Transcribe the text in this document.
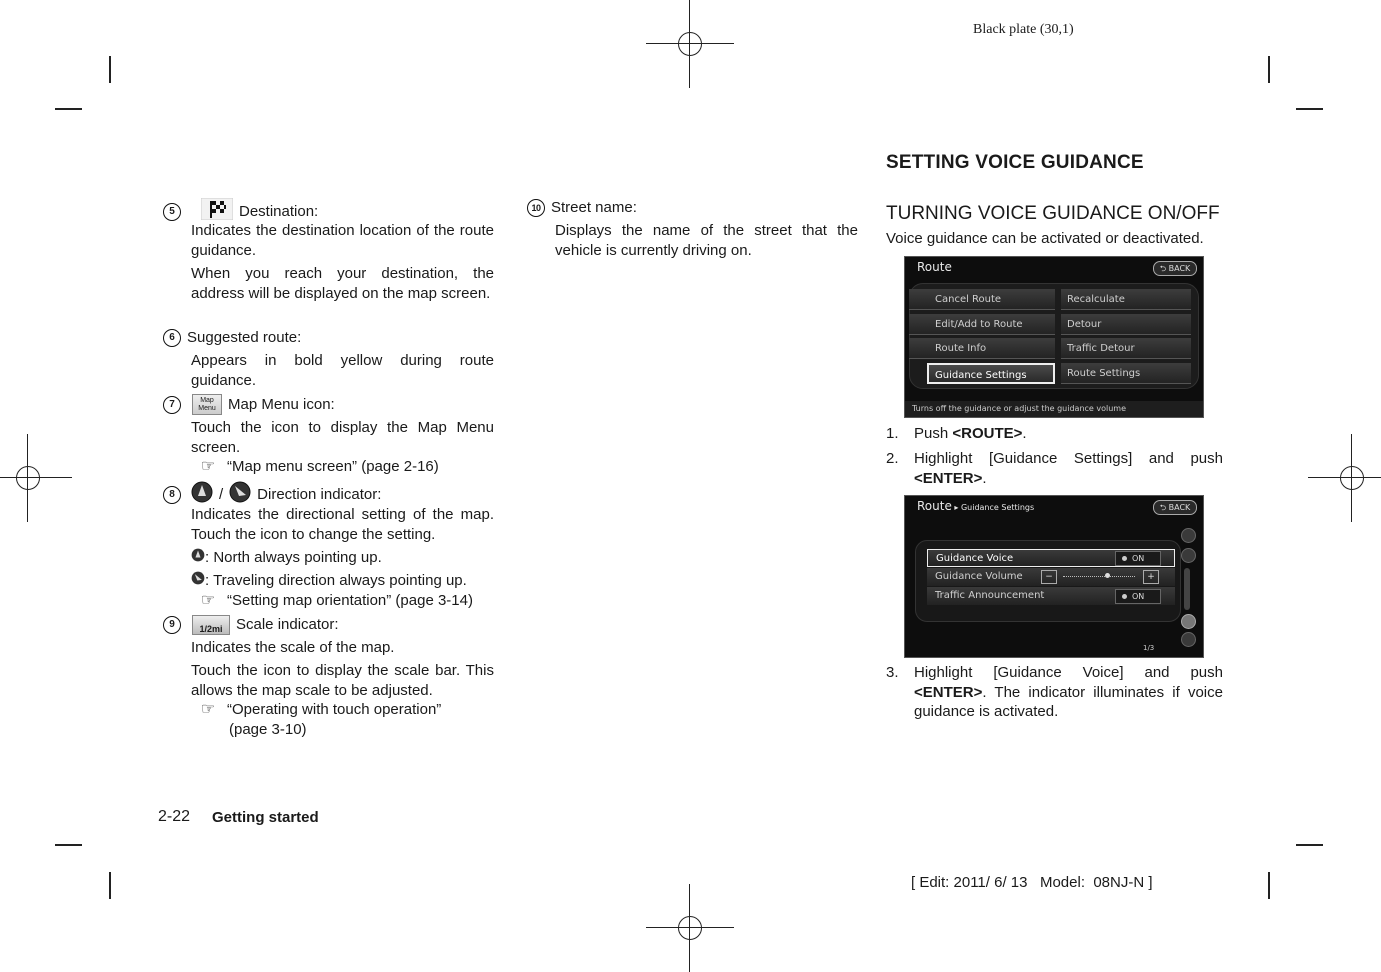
Black plate (30,1)
5	Destination:
Indicates the destination location of the route guidance.
When you reach your destination, the address will be displayed on the map screen.
6 Suggested route:
Appears in bold yellow during route guidance.
7	Map Menu Map Menu icon:
Touch the icon to display the Map Menu screen.
☞ “Map menu screen” (page 2-16)
8	/ Direction indicator:
Indicates the directional setting of the map. Touch the icon to change the setting.
: North always pointing up.
: Traveling direction always pointing up.
☞ “Setting map orientation” (page 3-14)
9	1/2mi Scale indicator:
Indicates the scale of the map.
Touch the icon to display the scale bar. This allows the map scale to be adjusted.
☞ “Operating with touch operation”
(page 3-10)
10 Street name:
Displays the name of the street that the vehicle is currently driving on.
SETTING VOICE GUIDANCE
TURNING VOICE GUIDANCE ON/OFF
Voice guidance can be activated or deactivated.
Route	⮌ BACK
Cancel Route
Edit/Add to Route
Route Info
Guidance Settings
Recalculate
Detour
Traffic Detour
Route Settings
Turns off the guidance or adjust the guidance volume
1. Push <ROUTE>.
2. Highlight [Guidance Settings] and push <ENTER>.
Route ▸ Guidance Settings	⮌ BACK
Guidance Voice	ON
Guidance Volume	−	+
Traffic Announcement	ON
1/3
3. Highlight [Guidance Voice] and push <ENTER>. The indicator illuminates if voice guidance is activated.
2-22 Getting started
[ Edit: 2011/ 6/ 13   Model:  08NJ-N ]
